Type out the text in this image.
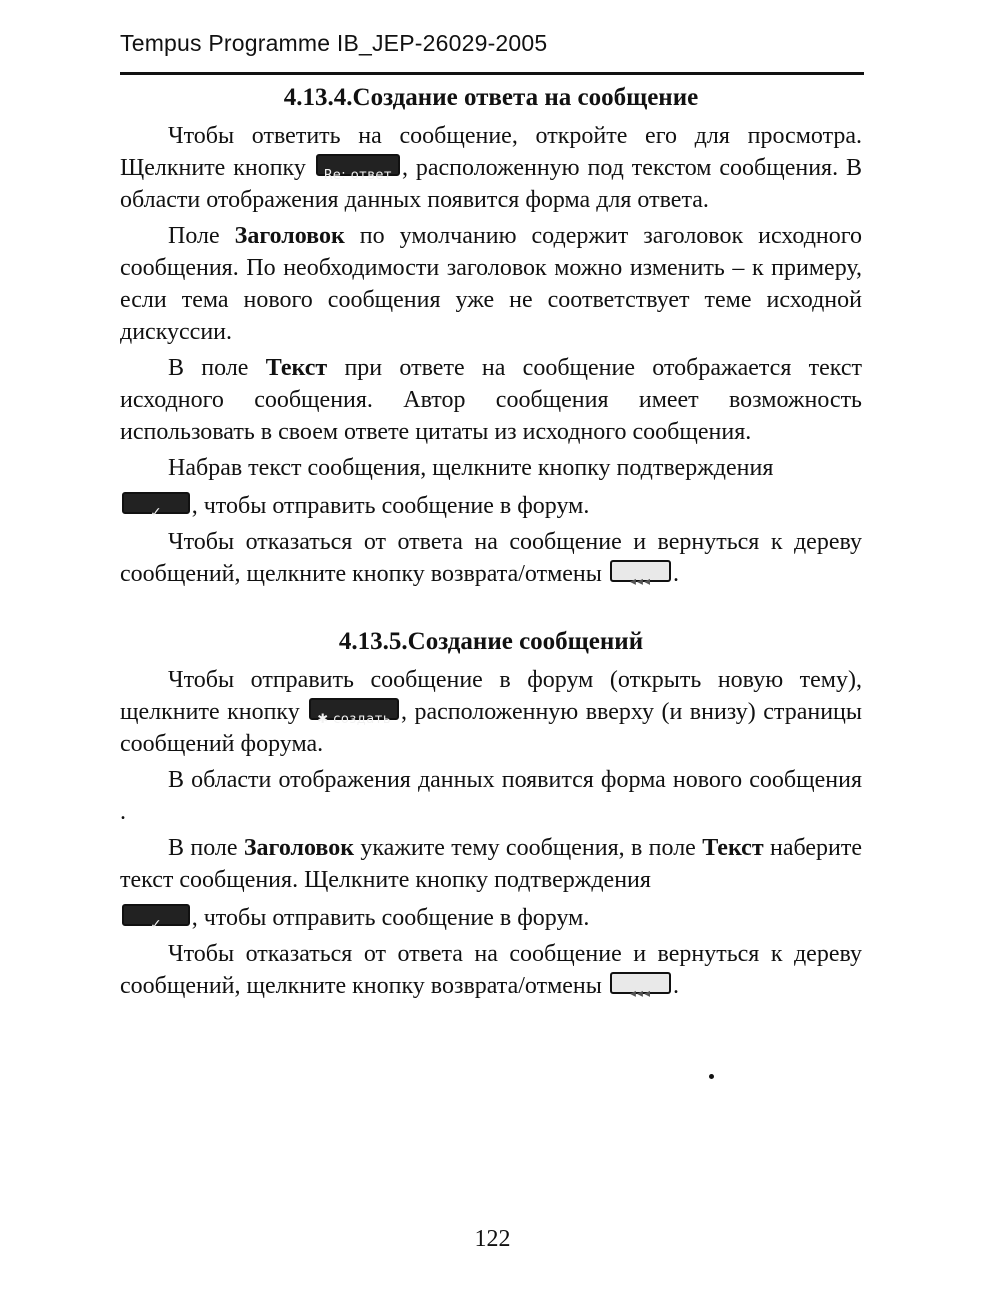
Tempus Programme IB_JEP-26029-2005
4.13.4.Создание ответа на сообщение

Чтобы ответить на сообщение, откройте его для просмотра. Щелкните кнопку Re: ответ , расположенную под текстом сообщения. В области отображения данных появится форма для ответа.

Поле Заголовок по умолчанию содержит заголовок исходного сообщения. По необходимости заголовок можно изменить – к примеру, если тема нового сообщения уже не соответствует теме исходной дискуссии.

В поле Текст при ответе на сообщение отображается текст исходного сообщения. Автор сообщения имеет возможность использовать в своем ответе цитаты из исходного сообщения.

Набрав текст сообщения, щелкните кнопку подтверждения

✓ , чтобы отправить сообщение в форум.

Чтобы отказаться от ответа на сообщение и вернуться к дереву сообщений, щелкните кнопку возврата/отмены ◂◂◂ .

4.13.5.Создание сообщений

Чтобы отправить сообщение в форум (открыть новую тему), щелкните кнопку ✱ создать , расположенную вверху (и внизу) страницы сообщений форума.

В области отображения данных появится форма нового сообщения .

В поле Заголовок укажите тему сообщения, в поле Текст наберите текст сообщения. Щелкните кнопку подтверждения

✓ , чтобы отправить сообщение в форум.

Чтобы отказаться от ответа на сообщение и вернуться к дереву сообщений, щелкните кнопку возврата/отмены ◂◂◂ .

122
